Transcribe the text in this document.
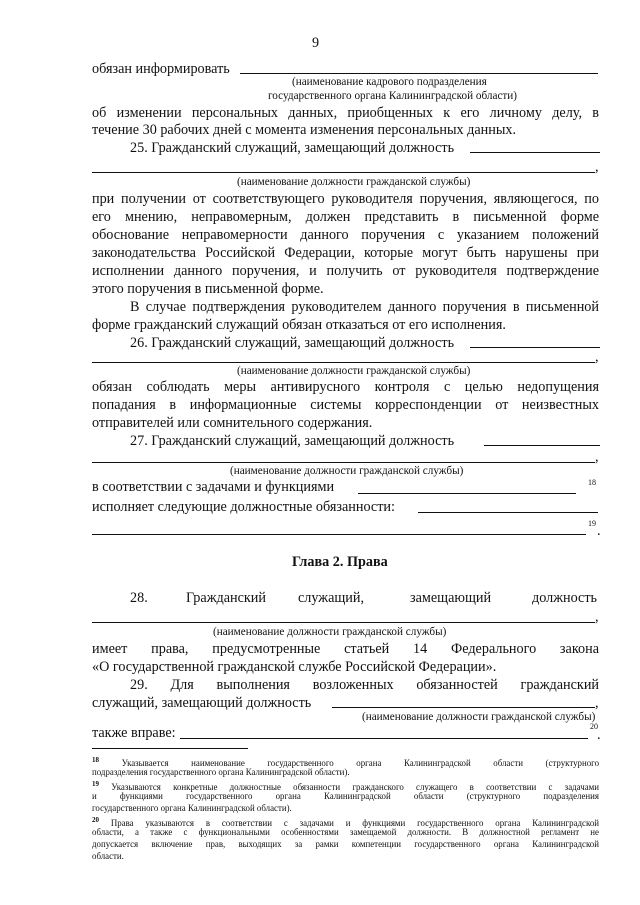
9
обязан информировать
(наименование кадрового подразделения
государственного органа Калининградской области)
об изменении персональных данных, приобщенных к его личному делу, в
течение 30 рабочих дней с момента изменения персональных данных.
25. Гражданский служащий, замещающий должность
,
(наименование должности гражданской службы)
при получении от соответствующего руководителя поручения, являющегося, по
его мнению, неправомерным, должен представить в письменной форме
обоснование неправомерности данного поручения с указанием положений
законодательства Российской Федерации, которые могут быть нарушены при
исполнении данного поручения, и получить от руководителя подтверждение
этого поручения в письменной форме.
В случае подтверждения руководителем данного поручения в письменной
форме гражданский служащий обязан отказаться от его исполнения.
26. Гражданский служащий, замещающий должность
,
(наименование должности гражданской службы)
обязан соблюдать меры антивирусного контроля с целью недопущения
попадания в информационные системы корреспонденции от неизвестных
отправителей или сомнительного содержания.
27. Гражданский служащий, замещающий должность
,
(наименование должности гражданской службы)
в соответствии с задачами и функциями	18
исполняет следующие должностные обязанности:
19 .
Глава 2. Права
28.	Гражданский служащий,	замещающий	должность
,
(наименование должности гражданской службы)
имеет права, предусмотренные статьей 14 Федерального закона
«О государственной гражданской службе Российской Федерации».
29. Для выполнения возложенных обязанностей гражданский
служащий, замещающий должность	,
(наименование должности гражданской службы)
также вправе:	20
.
$^{18}$	Указывается наименование государственного органа Калининградской области (структурного
подразделения государственного органа Калининградской области).
$^{19}$ Указываются конкретные должностные обязанности гражданского служащего в соответствии с задачами
и функциями государственного органа Калининградской области (структурного подразделения
государственного органа Калининградской области).
$^{20}$ Права указываются в соответствии с задачами и функциями государственного органа Калининградской
области, а также с функциональными особенностями замещаемой должности. В должностной регламент не
допускается включение прав, выходящих за рамки компетенции государственного органа Калининградской
области.
